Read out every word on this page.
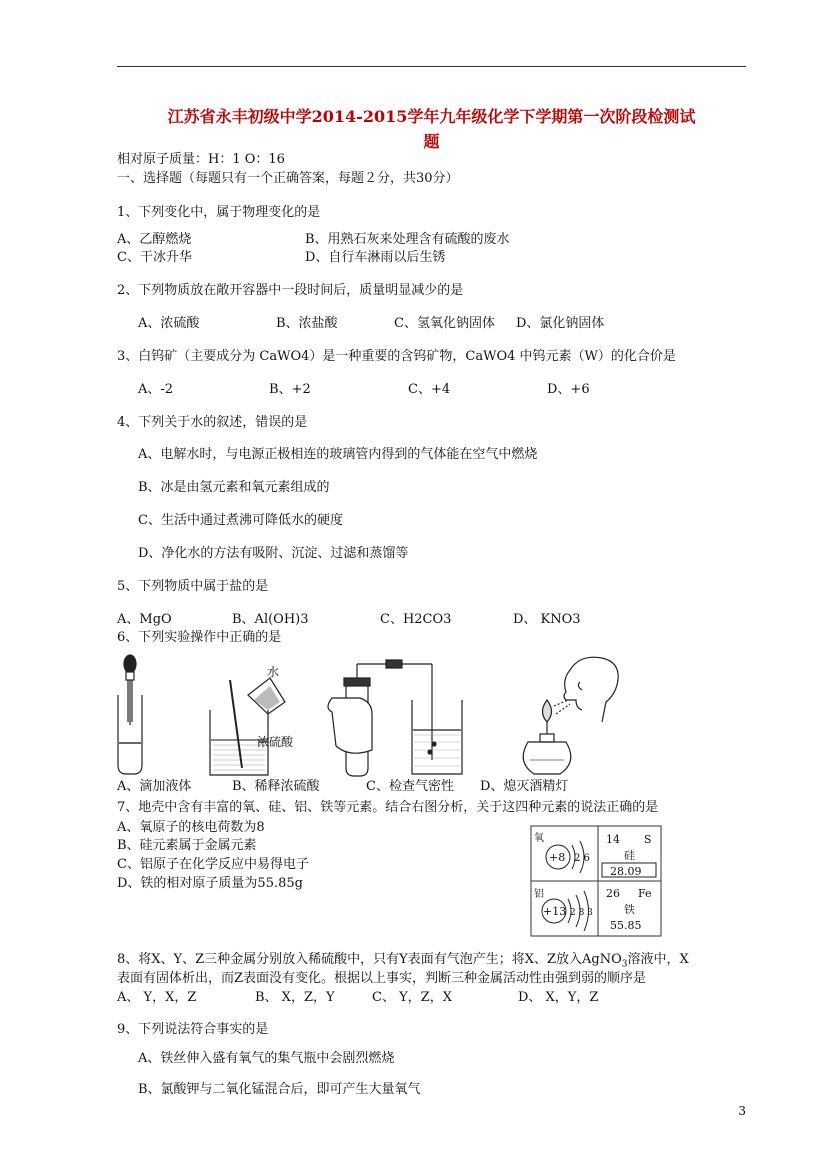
江苏省永丰初级中学2014-2015学年九年级化学下学期第一次阶段检测试
题
相对原子质量：H：1 O：16
一、选择题（每题只有一个正确答案，每题２分，共30分）
1、下列变化中，属于物理变化的是
A、乙醇燃烧	B、用熟石灰来处理含有硫酸的废水
C、干冰升华	D、自行车淋雨以后生锈
2、下列物质放在敞开容器中一段时间后，质量明显减少的是
A、浓硫酸	B、浓盐酸	C、氢氧化钠固体 D、氯化钠固体
3、白钨矿（主要成分为 CaWO4）是一种重要的含钨矿物，CaWO4 中钨元素（W）的化合价是
A、-2	B、+2	C、+4	D、+6
4、下列关于水的叙述，错误的是
A、电解水时，与电源正极相连的玻璃管内得到的气体能在空气中燃烧
B、冰是由氢元素和氧元素组成的
C、生活中通过煮沸可降低水的硬度
D、净化水的方法有吸附、沉淀、过滤和蒸馏等
5、下列物质中属于盐的是
A、MgO	B、Al(OH)3	C、H2CO3	D、 KNO3
6、下列实验操作中正确的是
水
浓硫酸
A、滴加液体	B、稀释浓硫酸	C、检查气密性 D、熄灭酒精灯
7、地壳中含有丰富的氧、硅、铝、铁等元素。结合右图分析，关于这四种元素的说法正确的是
A、氧原子的核电荷数为8
B、硅元素属于金属元素
C、铝原子在化学反应中易得电子
D、铁的相对原子质量为55.85g
氧
+8 2 6
14 S
硅
28.09
铝
+13 2 8 3
26 Fe
铁
55.85
8、将X、Y、Z三种金属分别放入稀硫酸中，只有Y表面有气泡产生；将X、Z放入AgNO$_3$溶液中，X
表面有固体析出，而Z表面没有变化。根据以上事实，判断三种金属活动性由强到弱的顺序是
A、 Y，X，Z	B、 X，Z，Y	C、 Y，Z，X	D、 X，Y，Z
9、下列说法符合事实的是
A、铁丝伸入盛有氧气的集气瓶中会剧烈燃烧
B、氯酸钾与二氧化锰混合后，即可产生大量氧气
3
